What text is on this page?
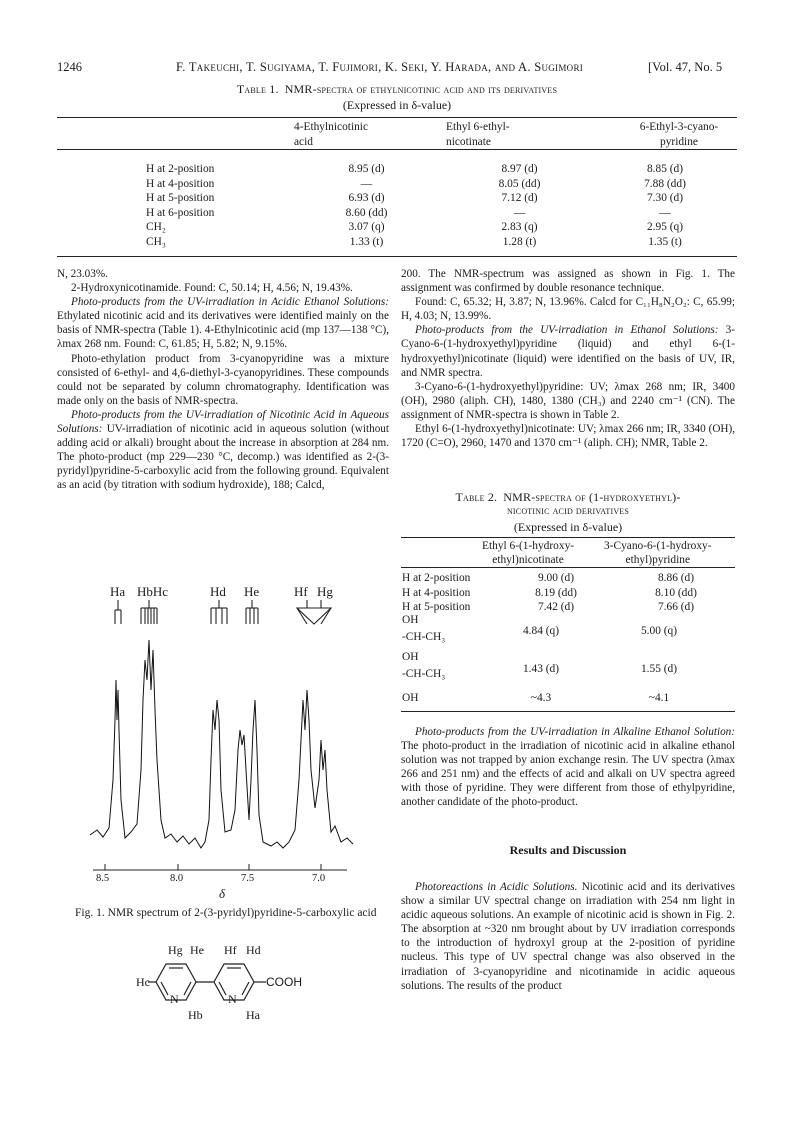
1246	F. Takeuchi, T. Sugiyama, T. Fujimori, K. Seki, Y. Harada, and A. Sugimori	[Vol. 47, No. 5
Table 1. NMR-spectra of ethylnicotinic acid and its derivatives
(Expressed in δ-value)

4-Ethylnicotinic
acid

Ethyl 6-ethyl-
nicotinate

6-Ethyl-3-cyano-
pyridine
H at 2-position	8.95 (d)	8.97 (d)	8.85 (d)
H at 4-position	—	8.05 (dd)	7.88 (dd)
H at 5-position	6.93 (d)	7.12 (d)	7.30 (d)
H at 6-position	8.60 (dd)	—	—
CH₂	3.07 (q)	2.83 (q)	2.95 (q)
CH₃	1.33 (t)	1.28 (t)	1.35 (t)

N, 23.03%.

2-Hydroxynicotinamide. Found: C, 50.14; H, 4.56; N, 19.43%.

Photo-products from the UV-irradiation in Acidic Ethanol Solutions: Ethylated nicotinic acid and its derivatives were identified mainly on the basis of NMR-spectra (Table 1). 4-Ethylnicotinic acid (mp 137—138 °C), λmax 268 nm. Found: C, 61.85; H, 5.82; N, 9.15%.

Photo-ethylation product from 3-cyanopyridine was a mixture consisted of 6-ethyl- and 4,6-diethyl-3-cyanopyridines. These compounds could not be separated by column chromatography. Identification was made only on the basis of NMR-spectra.

Photo-products from the UV-irradiation of Nicotinic Acid in Aqueous Solutions: UV-irradiation of nicotinic acid in aqueous solution (without adding acid or alkali) brought about the increase in absorption at 284 nm. The photo-product (mp 229—230 °C, decomp.) was identified as 2-(3-pyridyl)pyridine-5-carboxylic acid from the following ground. Equivalent as an acid (by titration with sodium hydroxide), 188; Calcd,

Ha HbHc	Hd He	Hf Hg
8.5	8.0	7.5	7.0
δ
Fig. 1. NMR spectrum of 2-(3-pyridyl)pyridine-5-carboxylic acid
Hg He Hf Hd
Hc
N	N
Hb	Ha
COOH

200. The NMR-spectrum was assigned as shown in Fig. 1. The assignment was confirmed by double resonance technique.

Found: C, 65.32; H, 3.87; N, 13.96%. Calcd for C₁₁H₈N₂O₂: C, 65.99; H, 4.03; N, 13.99%.

Photo-products from the UV-irradiation in Ethanol Solutions: 3-Cyano-6-(1-hydroxyethyl)pyridine (liquid) and ethyl 6-(1-hydroxyethyl)nicotinate (liquid) were identified on the basis of UV, IR, and NMR spectra.

3-Cyano-6-(1-hydroxyethyl)pyridine: UV; λmax 268 nm; IR, 3400 (OH), 2980 (aliph. CH), 1480, 1380 (CH₃) and 2240 cm⁻¹ (CN). The assignment of NMR-spectra is shown in Table 2.

Ethyl 6-(1-hydroxyethyl)nicotinate: UV; λmax 266 nm; IR, 3340 (OH), 1720 (C=O), 2960, 1470 and 1370 cm⁻¹ (aliph. CH); NMR, Table 2.

Table 2. NMR-spectra of (1-hydroxyethyl)-
nicotinic acid derivatives
(Expressed in δ-value)
Ethyl 6-(1-hydroxy-
ethyl)nicotinate
3-Cyano-6-(1-hydroxy-
ethyl)pyridine
H at 2-position	9.00 (d)	8.86 (d)
H at 4-position	8.19 (dd)	8.10 (dd)
H at 5-position	7.42 (d)	7.66 (d)
OH
-CH-CH₃	4.84 (q)	5.00 (q)
OH
-CH-CH₃	1.43 (d)	1.55 (d)
OH	~4.3	~4.1

Photo-products from the UV-irradiation in Alkaline Ethanol Solution: The photo-product in the irradiation of nicotinic acid in alkaline ethanol solution was not trapped by anion exchange resin. The UV spectra (λmax 266 and 251 nm) and the effects of acid and alkali on UV spectra agreed with those of pyridine. They were different from those of ethylpyridine, another candidate of the photo-product.

Results and Discussion

Photoreactions in Acidic Solutions. Nicotinic acid and its derivatives show a similar UV spectral change on irradiation with 254 nm light in acidic aqueous solutions. An example of nicotinic acid is shown in Fig. 2. The absorption at ~320 nm brought about by UV irradiation corresponds to the introduction of hydroxyl group at the 2-position of pyridine nucleus. This type of UV spectral change was also observed in the irradiation of 3-cyanopyridine and nicotinamide in acidic aqueous solutions. The results of the product
